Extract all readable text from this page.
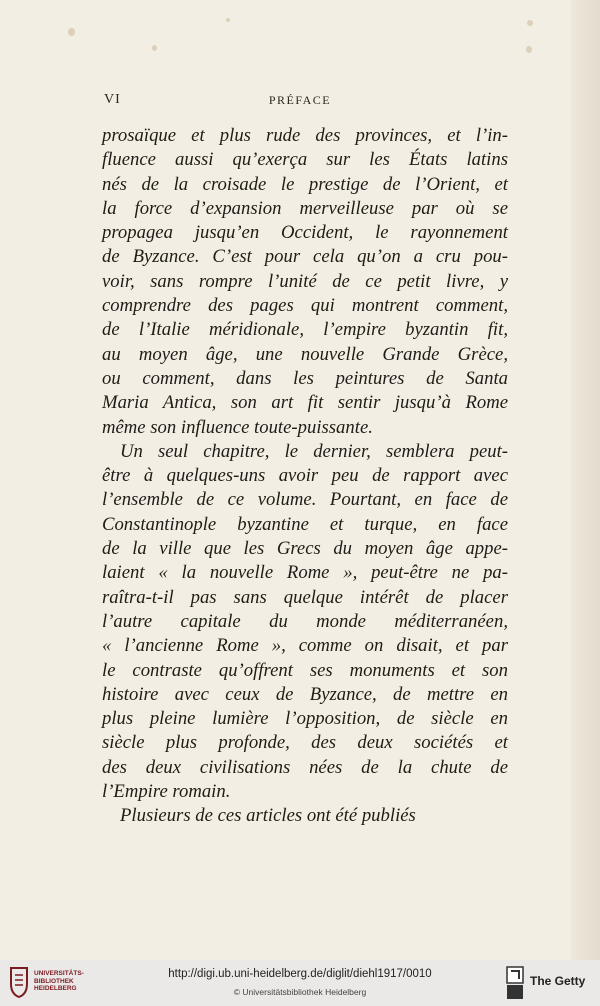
VI	PRÉFACE
prosaïque et plus rude des provinces, et l’in-
fluence aussi qu’exerça sur les États latins
nés de la croisade le prestige de l’Orient, et
la force d’expansion merveilleuse par où se
propagea jusqu’en Occident, le rayonnement
de Byzance. C’est pour cela qu’on a cru pou-
voir, sans rompre l’unité de ce petit livre, y
comprendre des pages qui montrent comment,
de l’Italie méridionale, l’empire byzantin fit,
au moyen âge, une nouvelle Grande Grèce,
ou comment, dans les peintures de Santa
Maria Antica, son art fit sentir jusqu’à Rome
même son influence toute-puissante.
Un seul chapitre, le dernier, semblera peut-
être à quelques-uns avoir peu de rapport avec
l’ensemble de ce volume. Pourtant, en face de
Constantinople byzantine et turque, en face
de la ville que les Grecs du moyen âge appe-
laient « la nouvelle Rome », peut-être ne pa-
raîtra-t-il pas sans quelque intérêt de placer
l’autre capitale du monde méditerranéen,
« l’ancienne Rome », comme on disait, et par
le contraste qu’offrent ses monuments et son
histoire avec ceux de Byzance, de mettre en
plus pleine lumière l’opposition, de siècle en
siècle plus profonde, des deux sociétés et
des deux civilisations nées de la chute de
l’Empire romain.
Plusieurs de ces articles ont été publiés
UNIVERSITÄTS-
BIBLIOTHEK
HEIDELBERG
http://digi.ub.uni-heidelberg.de/diglit/diehl1917/0010
© Universitätsbibliothek Heidelberg
The Getty
